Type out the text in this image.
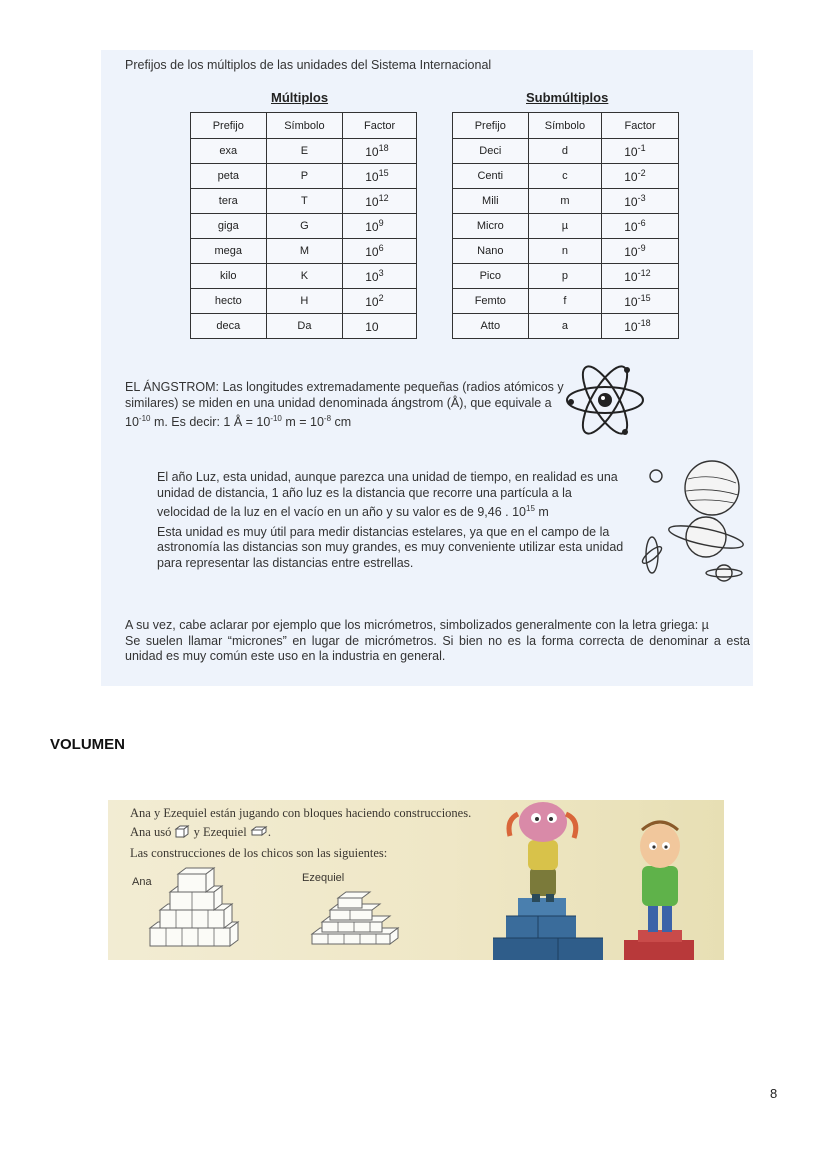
Prefijos de los múltiplos de las unidades del Sistema Internacional
Múltiplos	Submúltiplos
Prefijo	Símbolo	Factor
exa	E	$10^{18}$
peta	P	$10^{15}$
tera	T	$10^{12}$
giga	G	$10^9$
mega	M	$10^6$
kilo	K	$10^3$
hecto	H	$10^2$
deca	Da	10
Prefijo	Símbolo	Factor
Deci	d	$10^{-1}$
Centi	c	$10^{-2}$
Mili	m	$10^{-3}$
Micro	µ	$10^{-6}$
Nano	n	$10^{-9}$
Pico	p	$10^{-12}$
Femto	f	$10^{-15}$
Atto	a	$10^{-18}$
EL ÁNGSTROM: Las longitudes extremadamente pequeñas (radios atómicos y similares) se miden en una unidad denominada ángstrom (Å), que equivale a $10^{-10}$ m. Es decir: 1 Å = $10^{-10}$ $m = 10^{-8}$ cm

El año Luz, esta unidad, aunque parezca una unidad de tiempo, en realidad es una unidad de distancia, 1 año luz es la distancia que recorre una partícula a la velocidad de la luz en el vacío en un año y su valor es de 9,46 . $10^{15}$ m

Esta unidad es muy útil para medir distancias estelares, ya que en el campo de la astronomía las distancias son muy grandes, es muy conveniente utilizar esta unidad para representar las distancias entre estrellas.

A su vez, cabe aclarar por ejemplo que los micrómetros, simbolizados generalmente con la letra griega: µ

Se suelen llamar “micrones” en lugar de micrómetros. Si bien no es la forma correcta de denominar a esta unidad es muy común este uso en la industria en general.

VOLUMEN
Ana y Ezequiel están jugando con bloques haciendo construcciones.
Ana usó y Ezequiel .
Las construcciones de los chicos son las siguientes:
Ana	Ezequiel
8
